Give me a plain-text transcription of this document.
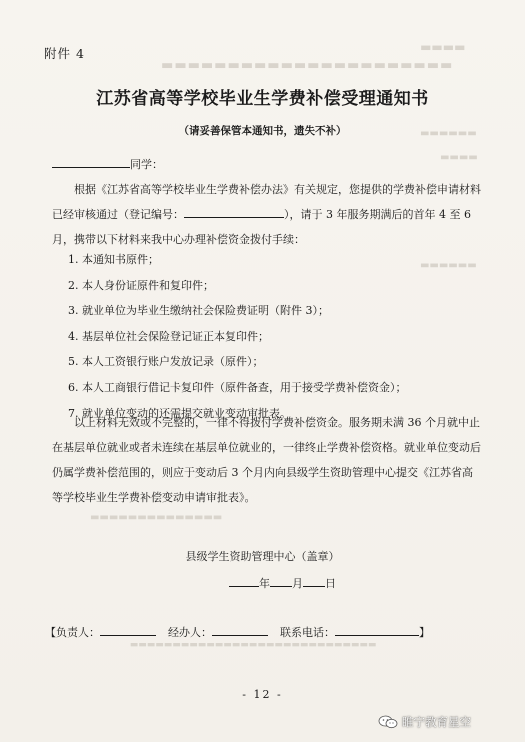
▬▬▬▬▬▬▬▬▬▬▬▬▬▬▬▬▬▬▬▬▬▬
▬▬▬▬
▬▬▬▬▬▬
▬▬▬▬
▬▬▬▬▬▬▬▬▬▬▬▬▬▬
▬▬▬▬▬▬
▬▬▬▬▬▬▬▬▬▬▬▬▬▬▬▬▬▬▬▬▬▬▬▬▬▬▬▬▬
附件 4
江苏省高等学校毕业生学费补偿受理通知书
（请妥善保管本通知书，遗失不补）
同学：
根据《江苏省高等学校毕业生学费补偿办法》有关规定，您提供的学费补偿申请材料已经审核通过（登记编号：	），请于 3 年服务期满后的首年 4 至 6 月，携带以下材料来我中心办理补偿资金拨付手续：
1. 本通知书原件；
2. 本人身份证原件和复印件；
3. 就业单位为毕业生缴纳社会保险费证明（附件 3）；
4. 基层单位社会保险登记证正本复印件；
5. 本人工资银行账户发放记录（原件）；
6. 本人工商银行借记卡复印件（原件备查，用于接受学费补偿资金）；
7. 就业单位变动的还需提交就业变动审批表。
以上材料无效或不完整的，一律不得拨付学费补偿资金。服务期未满 36 个月就中止在基层单位就业或者未连续在基层单位就业的，一律终止学费补偿资格。就业单位变动后仍属学费补偿范围的，则应于变动后 3 个月内向县级学生资助管理中心提交《江苏省高等学校毕业生学费补偿变动申请审批表》。
县级学生资助管理中心（盖章）
年 月 日
【负责人：	经办人：	联系电话：	】
- 12 -
睢宁教育星空
